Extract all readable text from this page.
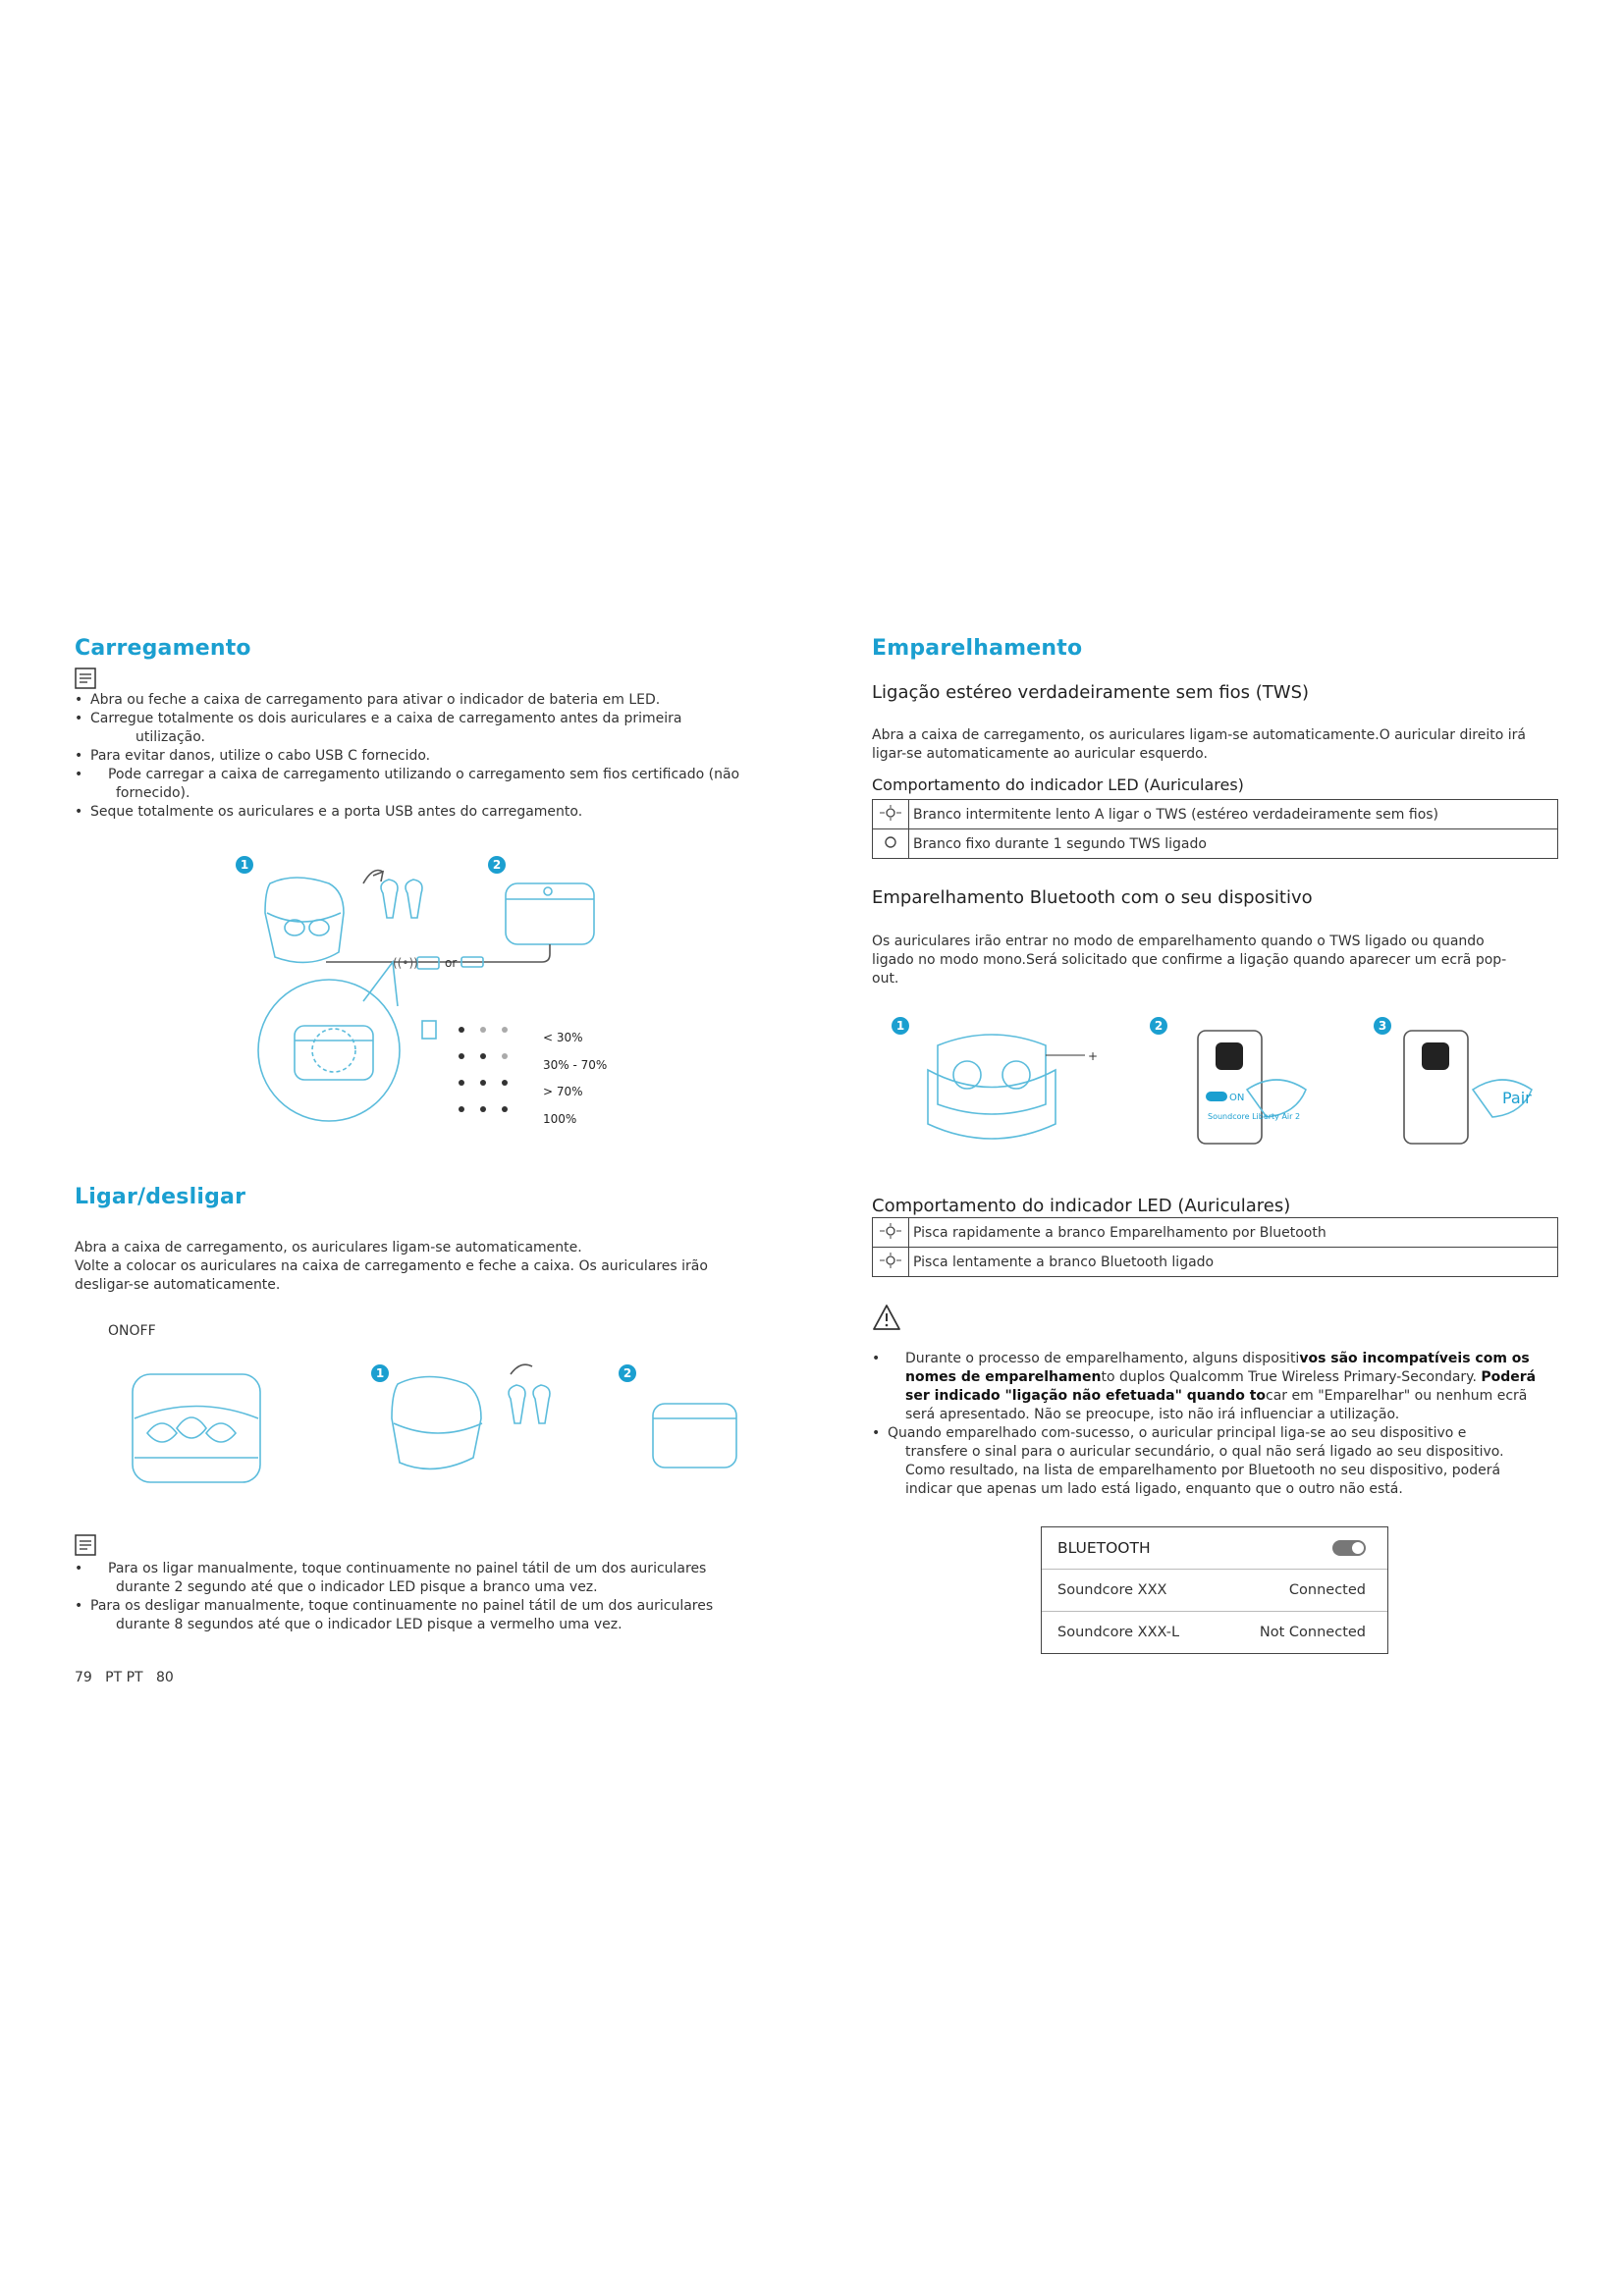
Carregamento
• Abra ou feche a caixa de carregamento para ativar o indicador de bateria em LED.
• Carregue totalmente os dois auriculares e a caixa de carregamento antes da primeira
utilização.
• Para evitar danos, utilize o cabo USB C fornecido.
• Pode carregar a caixa de carregamento utilizando o carregamento sem fios certificado (não
fornecido).
• Seque totalmente os auriculares e a porta USB antes do carregamento.
1	2
((•)) or
< 30%
30% - 70%
> 70%
100%
Ligar/desligar
Abra a caixa de carregamento, os auriculares ligam-se automaticamente.
Volte a colocar os auriculares na caixa de carregamento e feche a caixa. Os auriculares irão
desligar-se automaticamente.
ONOFF
1	2
• Para os ligar manualmente, toque continuamente no painel tátil de um dos auriculares
durante 2 segundo até que o indicador LED pisque a branco uma vez.
• Para os desligar manualmente, toque continuamente no painel tátil de um dos auriculares
durante 8 segundos até que o indicador LED pisque a vermelho uma vez.
79   PT PT   80
Emparelhamento
Ligação estéreo verdadeiramente sem fios (TWS)
Abra a caixa de carregamento, os auriculares ligam-se automaticamente.O auricular direito irá
ligar-se automaticamente ao auricular esquerdo.
Comportamento do indicador LED (Auriculares)
	Branco intermitente lento A ligar o TWS (estéreo verdadeiramente sem fios)
	Branco fixo durante 1 segundo TWS ligado
Emparelhamento Bluetooth com o seu dispositivo
Os auriculares irão entrar no modo de emparelhamento quando o TWS ligado ou quando
ligado no modo mono.Será solicitado que confirme a ligação quando aparecer um ecrã pop-
out.
1	2	3
+
ON
Soundcore Liberty Air 2
Pair
Comportamento do indicador LED (Auriculares)
	Pisca rapidamente a branco Emparelhamento por Bluetooth
	Pisca lentamente a branco Bluetooth ligado
• Durante o processo de emparelhamento, alguns dispositivos são incompatíveis com os
nomes de emparelhamento duplos Qualcomm True Wireless Primary-Secondary. Poderá
ser indicado "ligação não efetuada" quando tocar em "Emparelhar" ou nenhum ecrã
será apresentado. Não se preocupe, isto não irá influenciar a utilização.
• Quando emparelhado com-sucesso, o auricular principal liga-se ao seu dispositivo e
transfere o sinal para o auricular secundário, o qual não será ligado ao seu dispositivo.
Como resultado, na lista de emparelhamento por Bluetooth no seu dispositivo, poderá
indicar que apenas um lado está ligado, enquanto que o outro não está.
BLUETOOTH
Soundcore XXX	Connected
Soundcore XXX-L	Not Connected
